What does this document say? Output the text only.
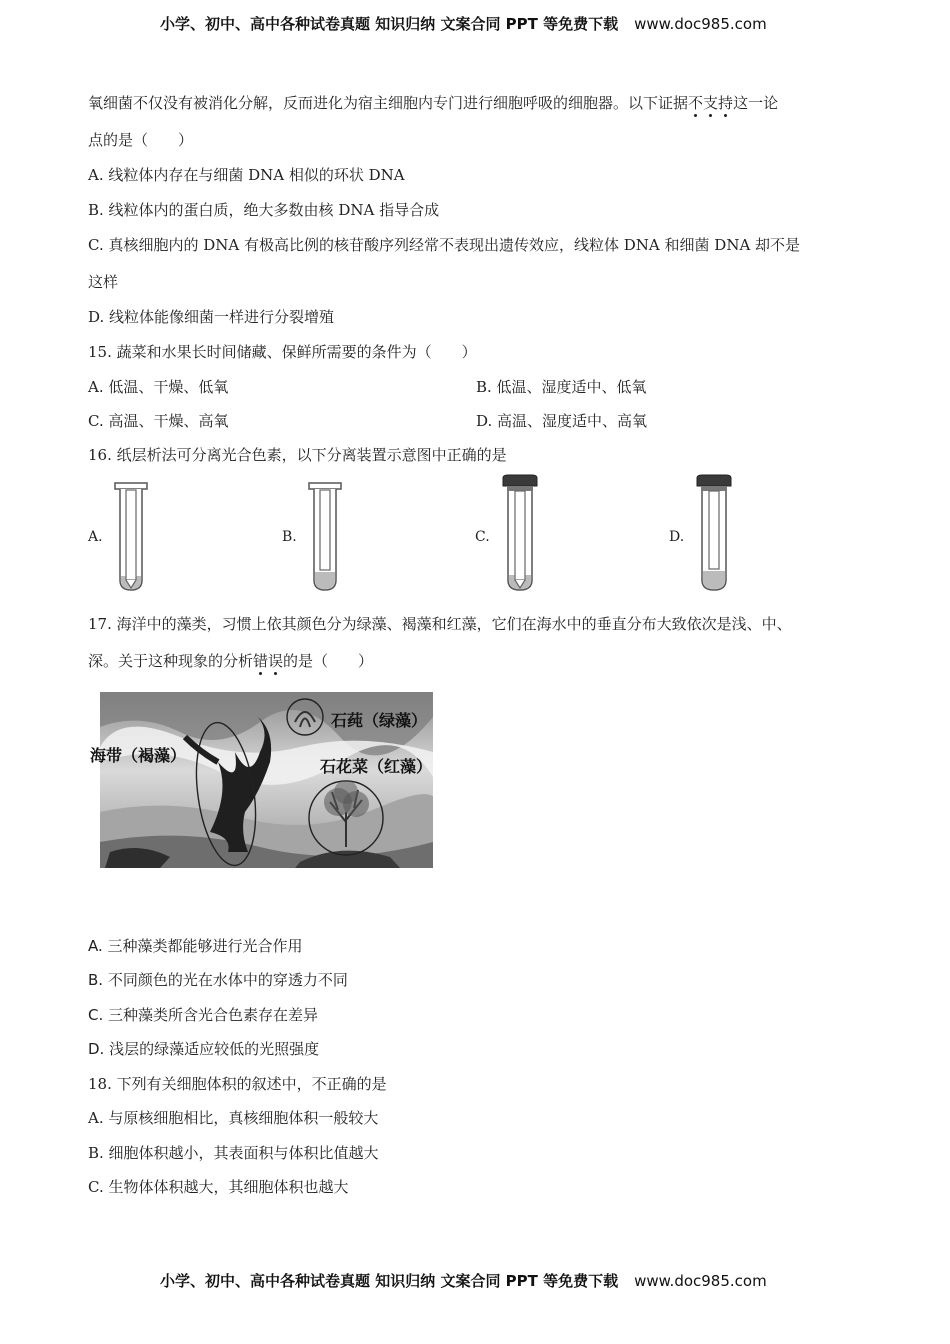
小学、初中、高中各种试卷真题 知识归纳 文案合同 PPT 等免费下载 www.doc985.com
氧细菌不仅没有被消化分解，反而进化为宿主细胞内专门进行细胞呼吸的细胞器。以下证据不支持这一论
点的是（　　）
A. 线粒体内存在与细菌 DNA 相似的环状 DNA
B. 线粒体内的蛋白质，绝大多数由核 DNA 指导合成
C. 真核细胞内的 DNA 有极高比例的核苷酸序列经常不表现出遗传效应，线粒体 DNA 和细菌 DNA 却不是
这样
D. 线粒体能像细菌一样进行分裂增殖
15. 蔬菜和水果长时间储藏、保鲜所需要的条件为（　　）
A. 低温、干燥、低氧	B. 低温、湿度适中、低氧
C. 高温、干燥、高氧	D. 高温、湿度适中、高氧
16. 纸层析法可分离光合色素，以下分离装置示意图中正确的是
A.	B.	C.	D.
17. 海洋中的藻类，习惯上依其颜色分为绿藻、褐藻和红藻，它们在海水中的垂直分布大致依次是浅、中、
深。关于这种现象的分析错误的是（　　）
海带（褐藻）
石莼（绿藻）
石花菜（红藻）
A. 三种藻类都能够进行光合作用
B. 不同颜色的光在水体中的穿透力不同
C. 三种藻类所含光合色素存在差异
D. 浅层的绿藻适应较低的光照强度
18. 下列有关细胞体积的叙述中，不正确的是
A. 与原核细胞相比，真核细胞体积一般较大
B. 细胞体积越小，其表面积与体积比值越大
C. 生物体体积越大，其细胞体积也越大
小学、初中、高中各种试卷真题 知识归纳 文案合同 PPT 等免费下载 www.doc985.com
